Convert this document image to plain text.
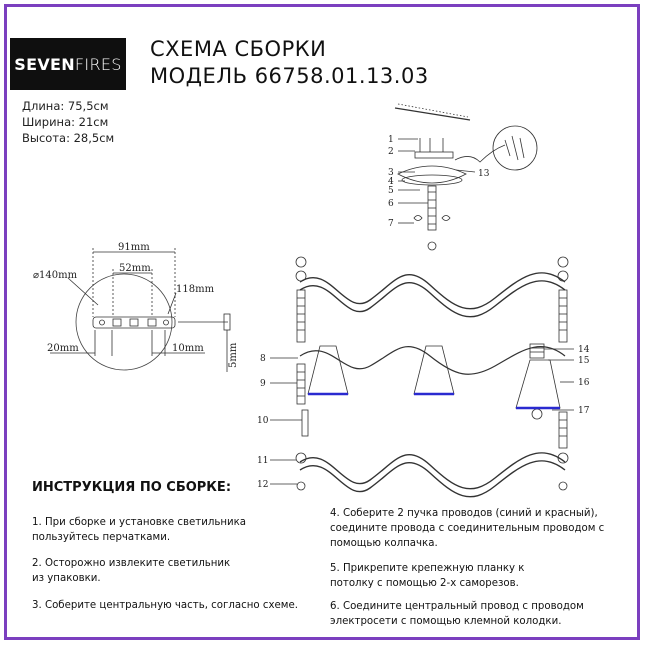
SEVEN FIRES
СХЕМА СБОРКИ
МОДЕЛЬ 66758.01.13.03
Длина: 75,5см
Ширина: 21см
Высота: 28,5см
91mm
52mm
⌀140mm
118mm
20mm	10mm 5mm
1
2
3
4
5
6
7
13
8
9
10
11
12
14
15
16
17
ИНСТРУКЦИЯ ПО СБОРКЕ:
1. При сборке и установке светильника пользуйтесь перчатками.
2. Осторожно извлеките светильник из упаковки.
3. Соберите центральную часть, согласно схеме.
4. Соберите 2 пучка проводов (синий и красный), соедините провода с соединительным проводом с помощью колпачка.
5. Прикрепите крепежную планку к потолку с помощью 2-х саморезов.
6. Соедините центральный провод с проводом электросети с помощью клемной колодки.
